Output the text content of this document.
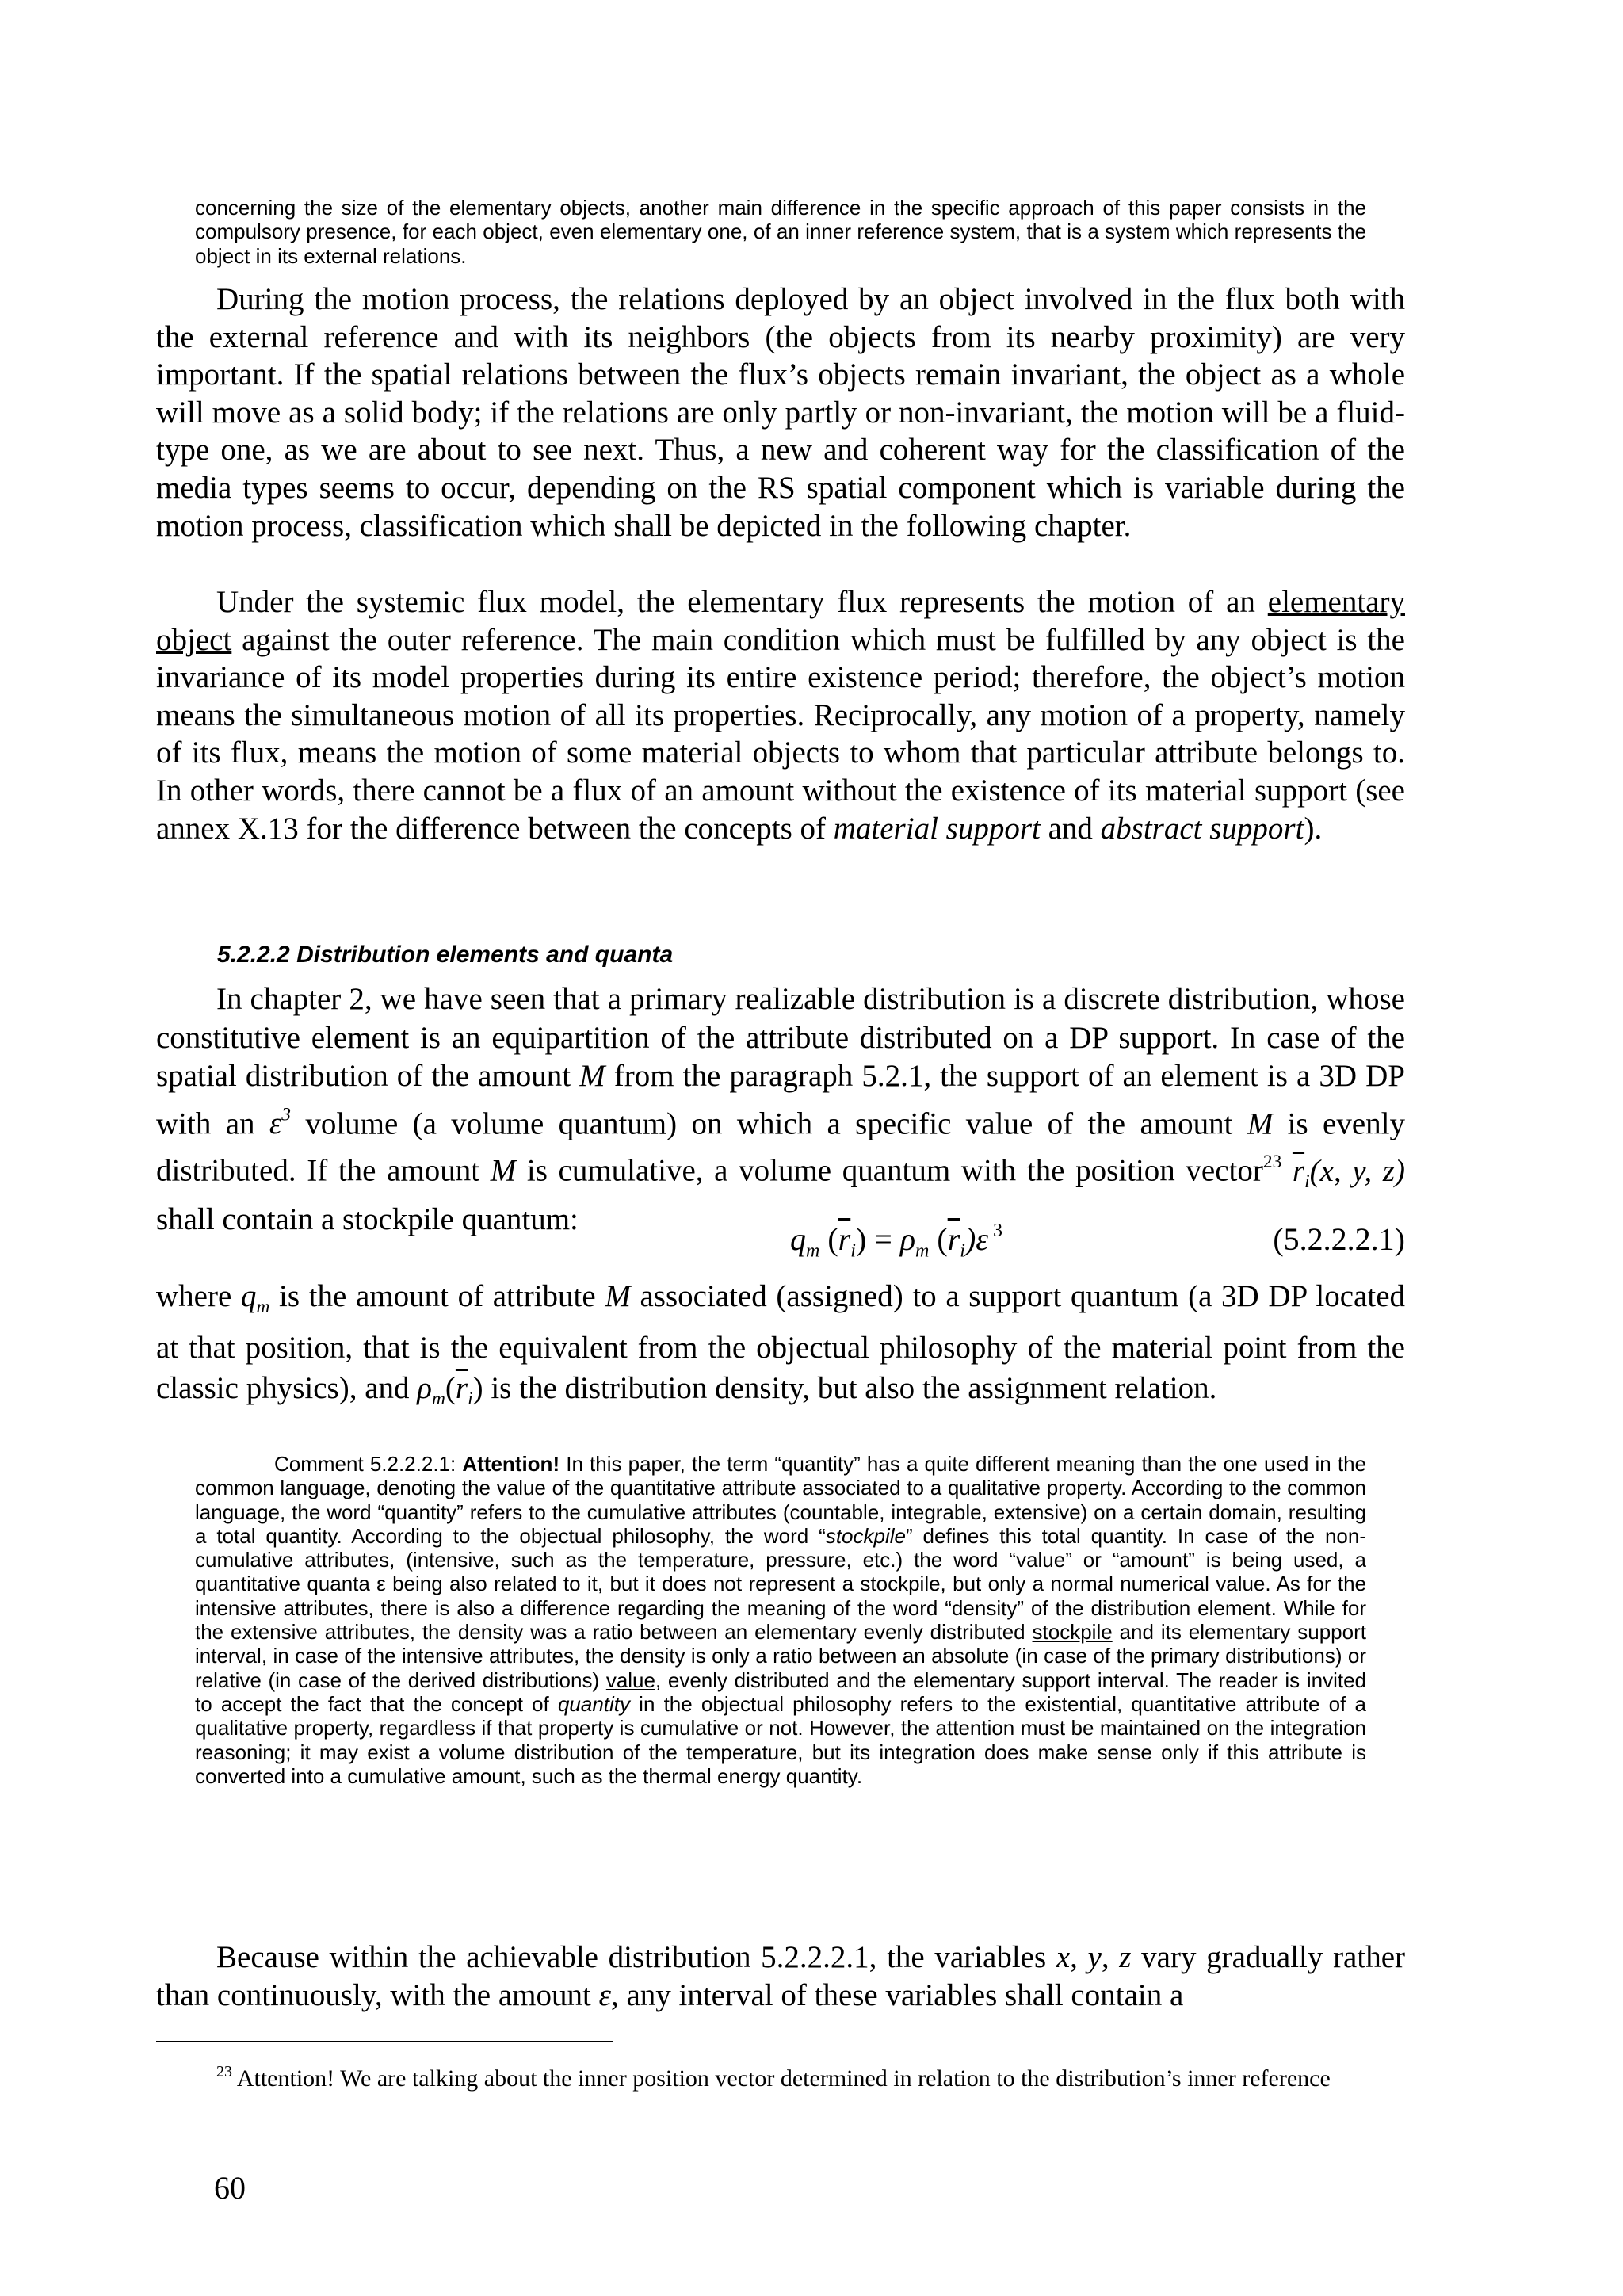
concerning the size of the elementary objects, another main difference in the specific approach of this paper consists in the compulsory presence, for each object, even elementary one, of an inner reference system, that is a system which represents the object in its external relations.

During the motion process, the relations deployed by an object involved in the flux both with the external reference and with its neighbors (the objects from its nearby proximity) are very important. If the spatial relations between the flux’s objects remain invariant, the object as a whole will move as a solid body; if the relations are only partly or non-invariant, the motion will be a fluid-type one, as we are about to see next. Thus, a new and coherent way for the classification of the media types seems to occur, depending on the RS spatial component which is variable during the motion process, classification which shall be depicted in the following chapter.

Under the systemic flux model, the elementary flux represents the motion of an elementary object against the outer reference. The main condition which must be fulfilled by any object is the invariance of its model properties during its entire existence period; therefore, the object’s motion means the simultaneous motion of all its properties. Reciprocally, any motion of a property, namely of its flux, means the motion of some material objects to whom that particular attribute belongs to. In other words, there cannot be a flux of an amount without the existence of its material support (see annex X.13 for the difference between the concepts of material support and abstract support).

5.2.2.2 Distribution elements and quanta

In chapter 2, we have seen that a primary realizable distribution is a discrete distribution, whose constitutive element is an equipartition of the attribute distributed on a DP support. In case of the spatial distribution of the amount M from the paragraph 5.2.1, the support of an element is a 3D DP with an $\varepsilon^3$ volume (a volume quantum) on which a specific value of the amount M is evenly distributed. If the amount M is cumulative, a volume quantum with the position vector$^{23}$ $\overline{r}_i(x$, y, z) shall contain a stockpile quantum:

$q_m$ $(\overline{r}_i) = \rho_m$ $(\overline{r}_i)\varepsilon$ $^3$	(5.2.2.2.1)

where $q_m$ is the amount of attribute M associated (assigned) to a support quantum (a 3D DP located at that position, that is the equivalent from the objectual philosophy of the material point from the classic physics), and $\rho_m(\overline{r}_i)$ is the distribution density, but also the assignment relation.

Comment 5.2.2.2.1: Attention! In this paper, the term “quantity” has a quite different meaning than the one used in the common language, denoting the value of the quantitative attribute associated to a qualitative property. According to the common language, the word “quantity” refers to the cumulative attributes (countable, integrable, extensive) on a certain domain, resulting a total quantity. According to the objectual philosophy, the word “stockpile” defines this total quantity. In case of the non-cumulative attributes, (intensive, such as the temperature, pressure, etc.) the word “value” or “amount” is being used, a quantitative quanta ε being also related to it, but it does not represent a stockpile, but only a normal numerical value. As for the intensive attributes, there is also a difference regarding the meaning of the word “density” of the distribution element. While for the extensive attributes, the density was a ratio between an elementary evenly distributed stockpile and its elementary support interval, in case of the intensive attributes, the density is only a ratio between an absolute (in case of the primary distributions) or relative (in case of the derived distributions) value, evenly distributed and the elementary support interval. The reader is invited to accept the fact that the concept of quantity in the objectual philosophy refers to the existential, quantitative attribute of a qualitative property, regardless if that property is cumulative or not. However, the attention must be maintained on the integration reasoning; it may exist a volume distribution of the temperature, but its integration does make sense only if this attribute is converted into a cumulative amount, such as the thermal energy quantity.

Because within the achievable distribution 5.2.2.2.1, the variables x, y, z vary gradually rather than continuously, with the amount ε, any interval of these variables shall contain a

$^{23}$ Attention! We are talking about the inner position vector determined in relation to the distribution’s inner reference

60
